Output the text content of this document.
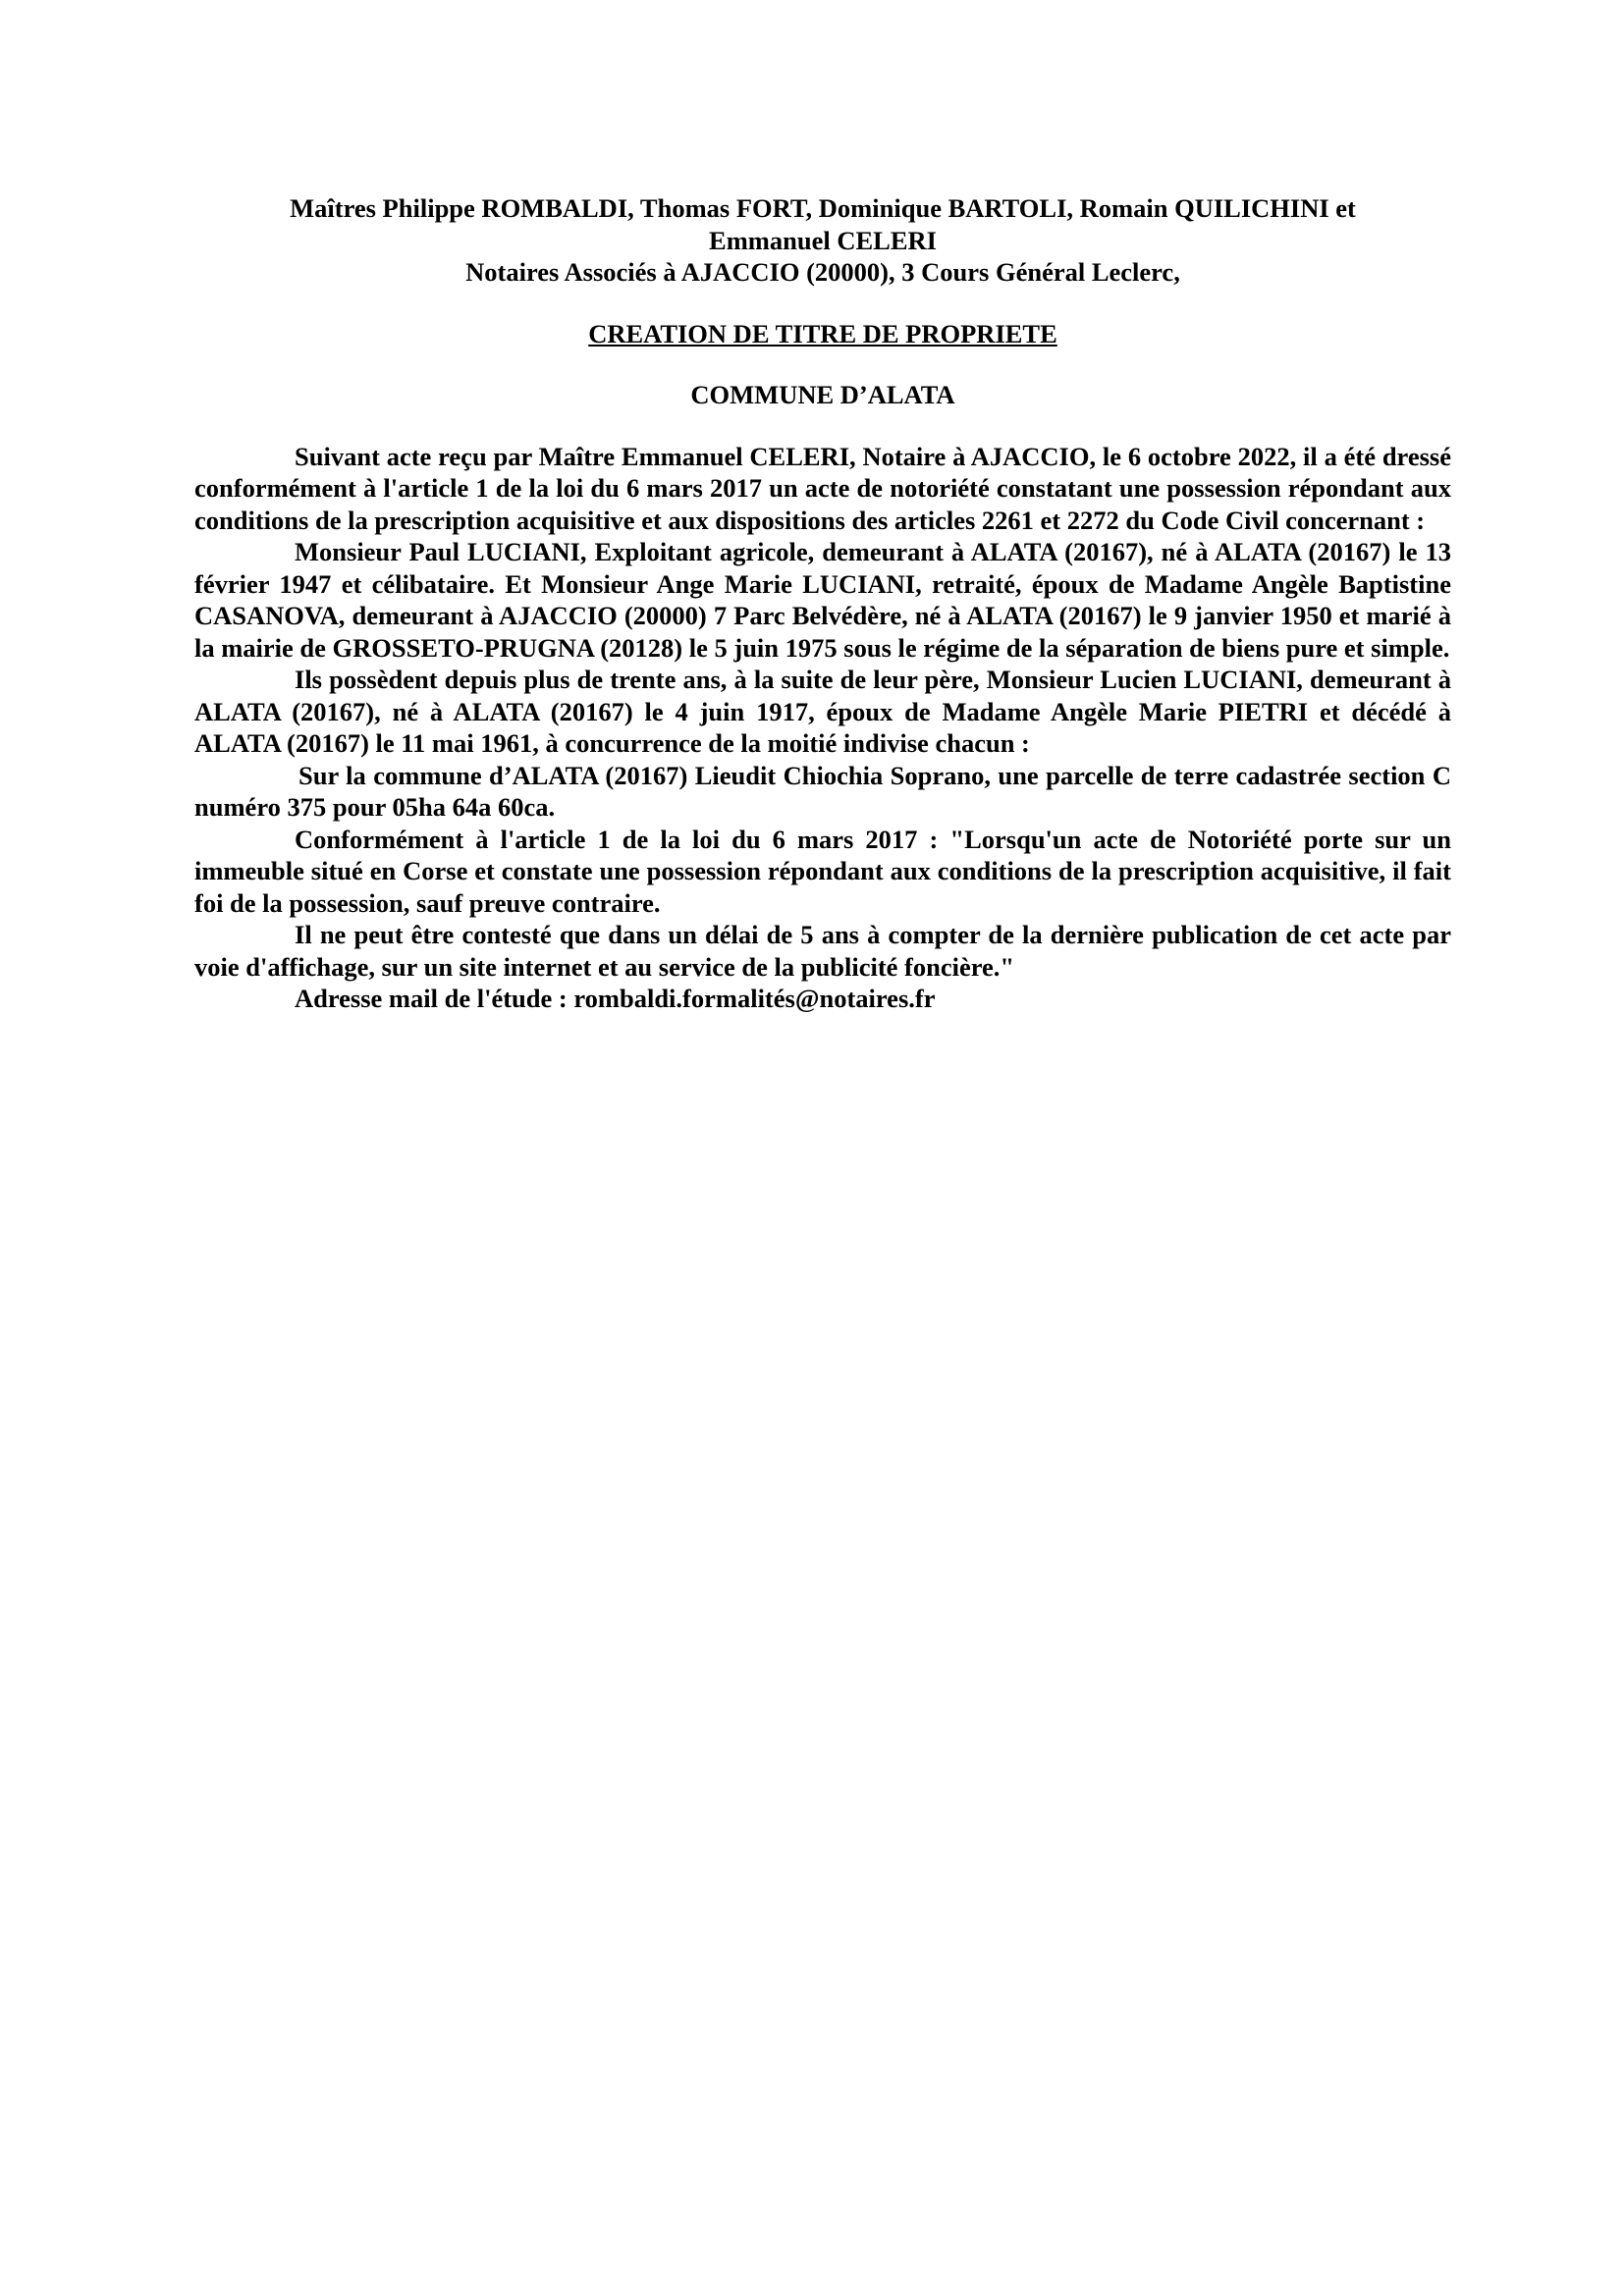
Maîtres Philippe ROMBALDI, Thomas FORT, Dominique BARTOLI, Romain QUILICHINI et
Emmanuel CELERI
Notaires Associés à AJACCIO (20000), 3 Cours Général Leclerc,
CREATION DE TITRE DE PROPRIETE
COMMUNE D’ALATA

Suivant acte reçu par Maître Emmanuel CELERI, Notaire à AJACCIO, le 6 octobre 2022, il a été dressé conformément à l'article 1 de la loi du 6 mars 2017 un acte de notoriété constatant une possession répondant aux conditions de la prescription acquisitive et aux dispositions des articles 2261 et 2272 du Code Civil concernant :

Monsieur Paul LUCIANI, Exploitant agricole, demeurant à ALATA (20167), né à ALATA (20167) le 13 février 1947 et célibataire. Et Monsieur Ange Marie LUCIANI, retraité, époux de Madame Angèle Baptistine CASANOVA, demeurant à AJACCIO (20000) 7 Parc Belvédère, né à ALATA (20167) le 9 janvier 1950 et marié à la mairie de GROSSETO-PRUGNA (20128) le 5 juin 1975 sous le régime de la séparation de biens pure et simple.

Ils possèdent depuis plus de trente ans, à la suite de leur père, Monsieur Lucien LUCIANI, demeurant à ALATA (20167), né à ALATA (20167) le 4 juin 1917, époux de Madame Angèle Marie PIETRI et décédé à ALATA (20167) le 11 mai 1961, à concurrence de la moitié indivise chacun :

Sur la commune d’ALATA (20167) Lieudit Chiochia Soprano, une parcelle de terre cadastrée section C numéro 375 pour 05ha 64a 60ca.

Conformément à l'article 1 de la loi du 6 mars 2017 : "Lorsqu'un acte de Notoriété porte sur un immeuble situé en Corse et constate une possession répondant aux conditions de la prescription acquisitive, il fait foi de la possession, sauf preuve contraire.

Il ne peut être contesté que dans un délai de 5 ans à compter de la dernière publication de cet acte par voie d'affichage, sur un site internet et au service de la publicité foncière."

Adresse mail de l'étude : rombaldi.formalités@notaires.fr
